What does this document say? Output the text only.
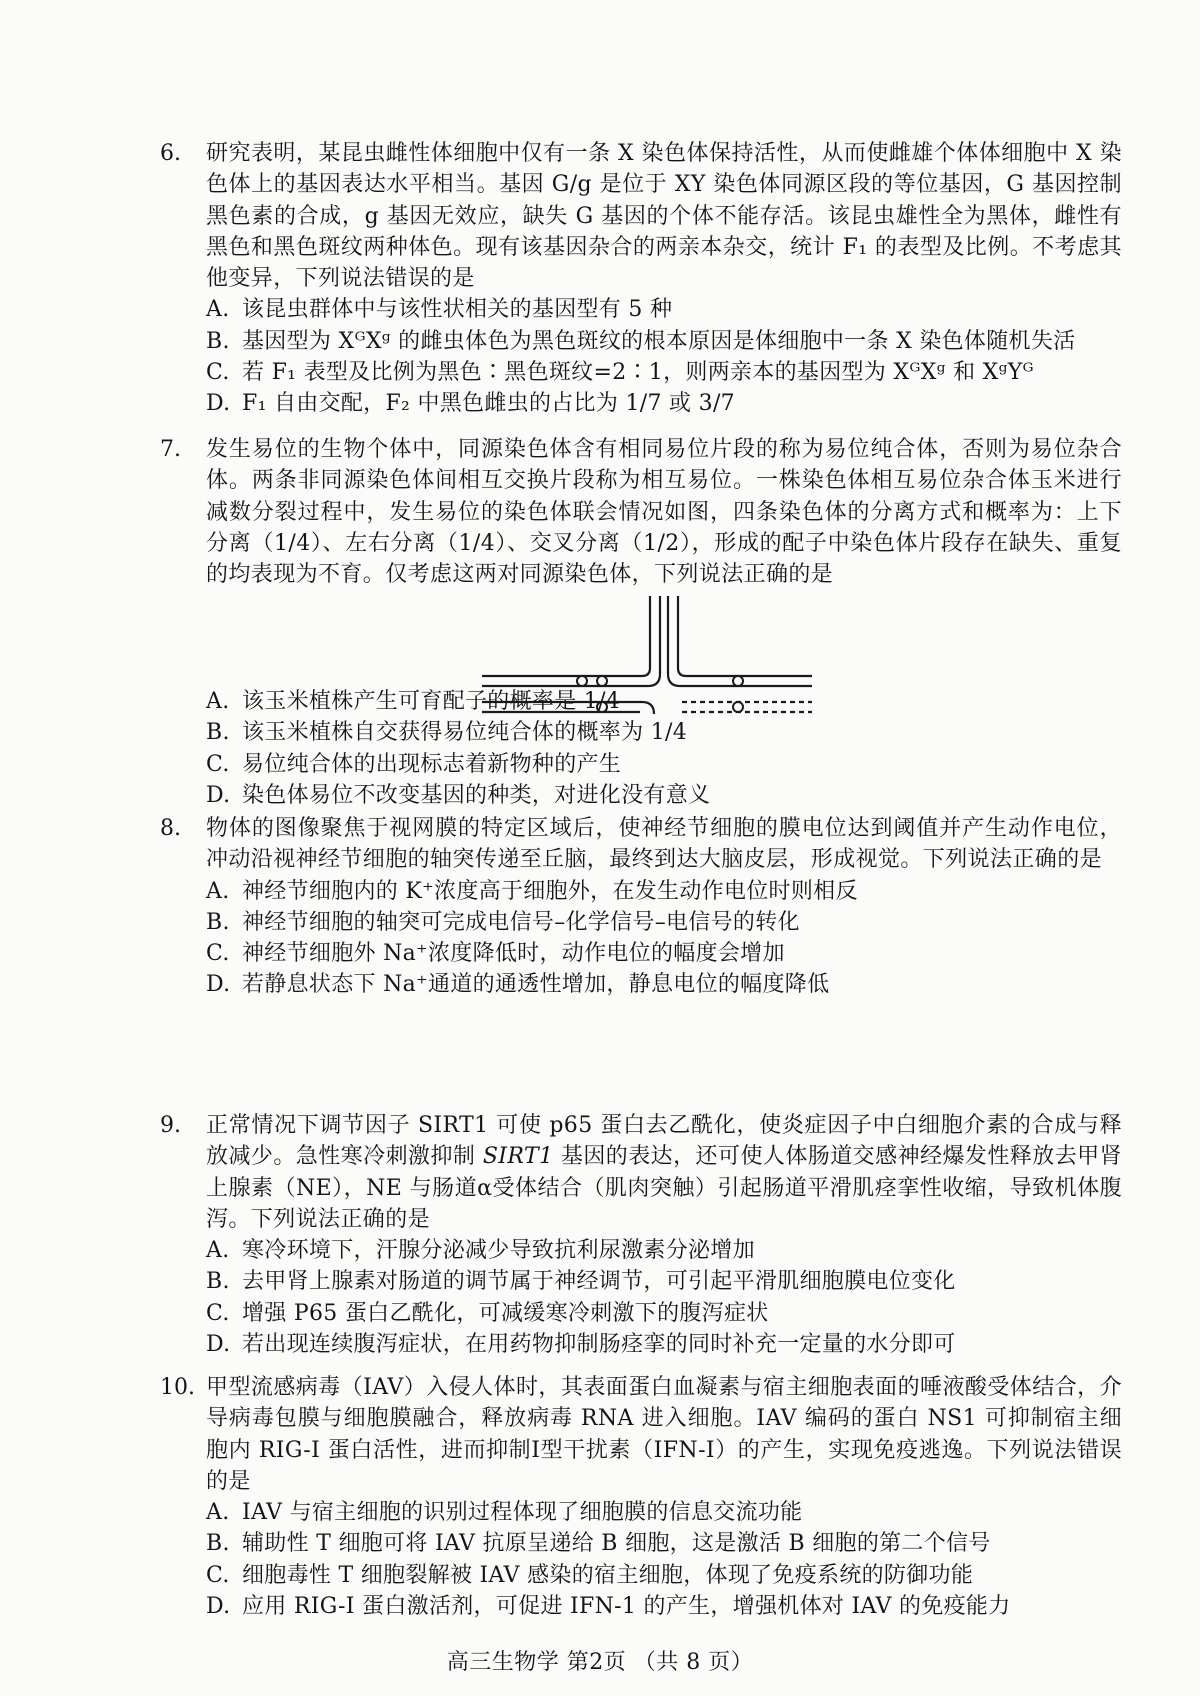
6.	研究表明，某昆虫雌性体细胞中仅有一条 X 染色体保持活性，从而使雌雄个体体细胞中 X 染色体上的基因表达水平相当。基因 G/g 是位于 XY 染色体同源区段的等位基因，G 基因控制黑色素的合成，g 基因无效应，缺失 G 基因的个体不能存活。该昆虫雄性全为黑体，雌性有黑色和黑色斑纹两种体色。现有该基因杂合的两亲本杂交，统计 F₁ 的表型及比例。不考虑其他变异，下列说法错误的是

A. 该昆虫群体中与该性状相关的基因型有 5 种

B. 基因型为 XᴳXᵍ 的雌虫体色为黑色斑纹的根本原因是体细胞中一条 X 染色体随机失活

C. 若 F₁ 表型及比例为黑色∶黑色斑纹=2∶1，则两亲本的基因型为 XᴳXᵍ 和 XᵍYᴳ

D. F₁ 自由交配，F₂ 中黑色雌虫的占比为 1/7 或 3/7

7.	发生易位的生物个体中，同源染色体含有相同易位片段的称为易位纯合体，否则为易位杂合体。两条非同源染色体间相互交换片段称为相互易位。一株染色体相互易位杂合体玉米进行减数分裂过程中，发生易位的染色体联会情况如图，四条染色体的分离方式和概率为：上下分离（1/4）、左右分离（1/4）、交叉分离（1/2），形成的配子中染色体片段存在缺失、重复的均表现为不育。仅考虑这两对同源染色体，下列说法正确的是

A. 该玉米植株产生可育配子的概率是 1/4

B. 该玉米植株自交获得易位纯合体的概率为 1/4

C. 易位纯合体的出现标志着新物种的产生

D. 染色体易位不改变基因的种类，对进化没有意义

8.	物体的图像聚焦于视网膜的特定区域后，使神经节细胞的膜电位达到阈值并产生动作电位，冲动沿视神经节细胞的轴突传递至丘脑，最终到达大脑皮层，形成视觉。下列说法正确的是

A. 神经节细胞内的 K⁺浓度高于细胞外，在发生动作电位时则相反

B. 神经节细胞的轴突可完成电信号–化学信号–电信号的转化

C. 神经节细胞外 Na⁺浓度降低时，动作电位的幅度会增加

D. 若静息状态下 Na⁺通道的通透性增加，静息电位的幅度降低

9.	正常情况下调节因子 SIRT1 可使 p65 蛋白去乙酰化，使炎症因子中白细胞介素的合成与释放减少。急性寒冷刺激抑制 SIRT1 基因的表达，还可使人体肠道交感神经爆发性释放去甲肾上腺素（NE），NE 与肠道α受体结合（肌肉突触）引起肠道平滑肌痉挛性收缩，导致机体腹泻。下列说法正确的是

A. 寒冷环境下，汗腺分泌减少导致抗利尿激素分泌增加

B. 去甲肾上腺素对肠道的调节属于神经调节，可引起平滑肌细胞膜电位变化

C. 增强 P65 蛋白乙酰化，可减缓寒冷刺激下的腹泻症状

D. 若出现连续腹泻症状，在用药物抑制肠痉挛的同时补充一定量的水分即可

10. 甲型流感病毒（IAV）入侵人体时，其表面蛋白血凝素与宿主细胞表面的唾液酸受体结合，介导病毒包膜与细胞膜融合，释放病毒 RNA 进入细胞。IAV 编码的蛋白 NS1 可抑制宿主细胞内 RIG-I 蛋白活性，进而抑制Ⅰ型干扰素（IFN-I）的产生，实现免疫逃逸。下列说法错误的是

A. IAV 与宿主细胞的识别过程体现了细胞膜的信息交流功能

B. 辅助性 T 细胞可将 IAV 抗原呈递给 B 细胞，这是激活 B 细胞的第二个信号

C. 细胞毒性 T 细胞裂解被 IAV 感染的宿主细胞，体现了免疫系统的防御功能

D. 应用 RIG-I 蛋白激活剂，可促进 IFN-1 的产生，增强机体对 IAV 的免疫能力

高三生物学 第2页 （共 8 页）
